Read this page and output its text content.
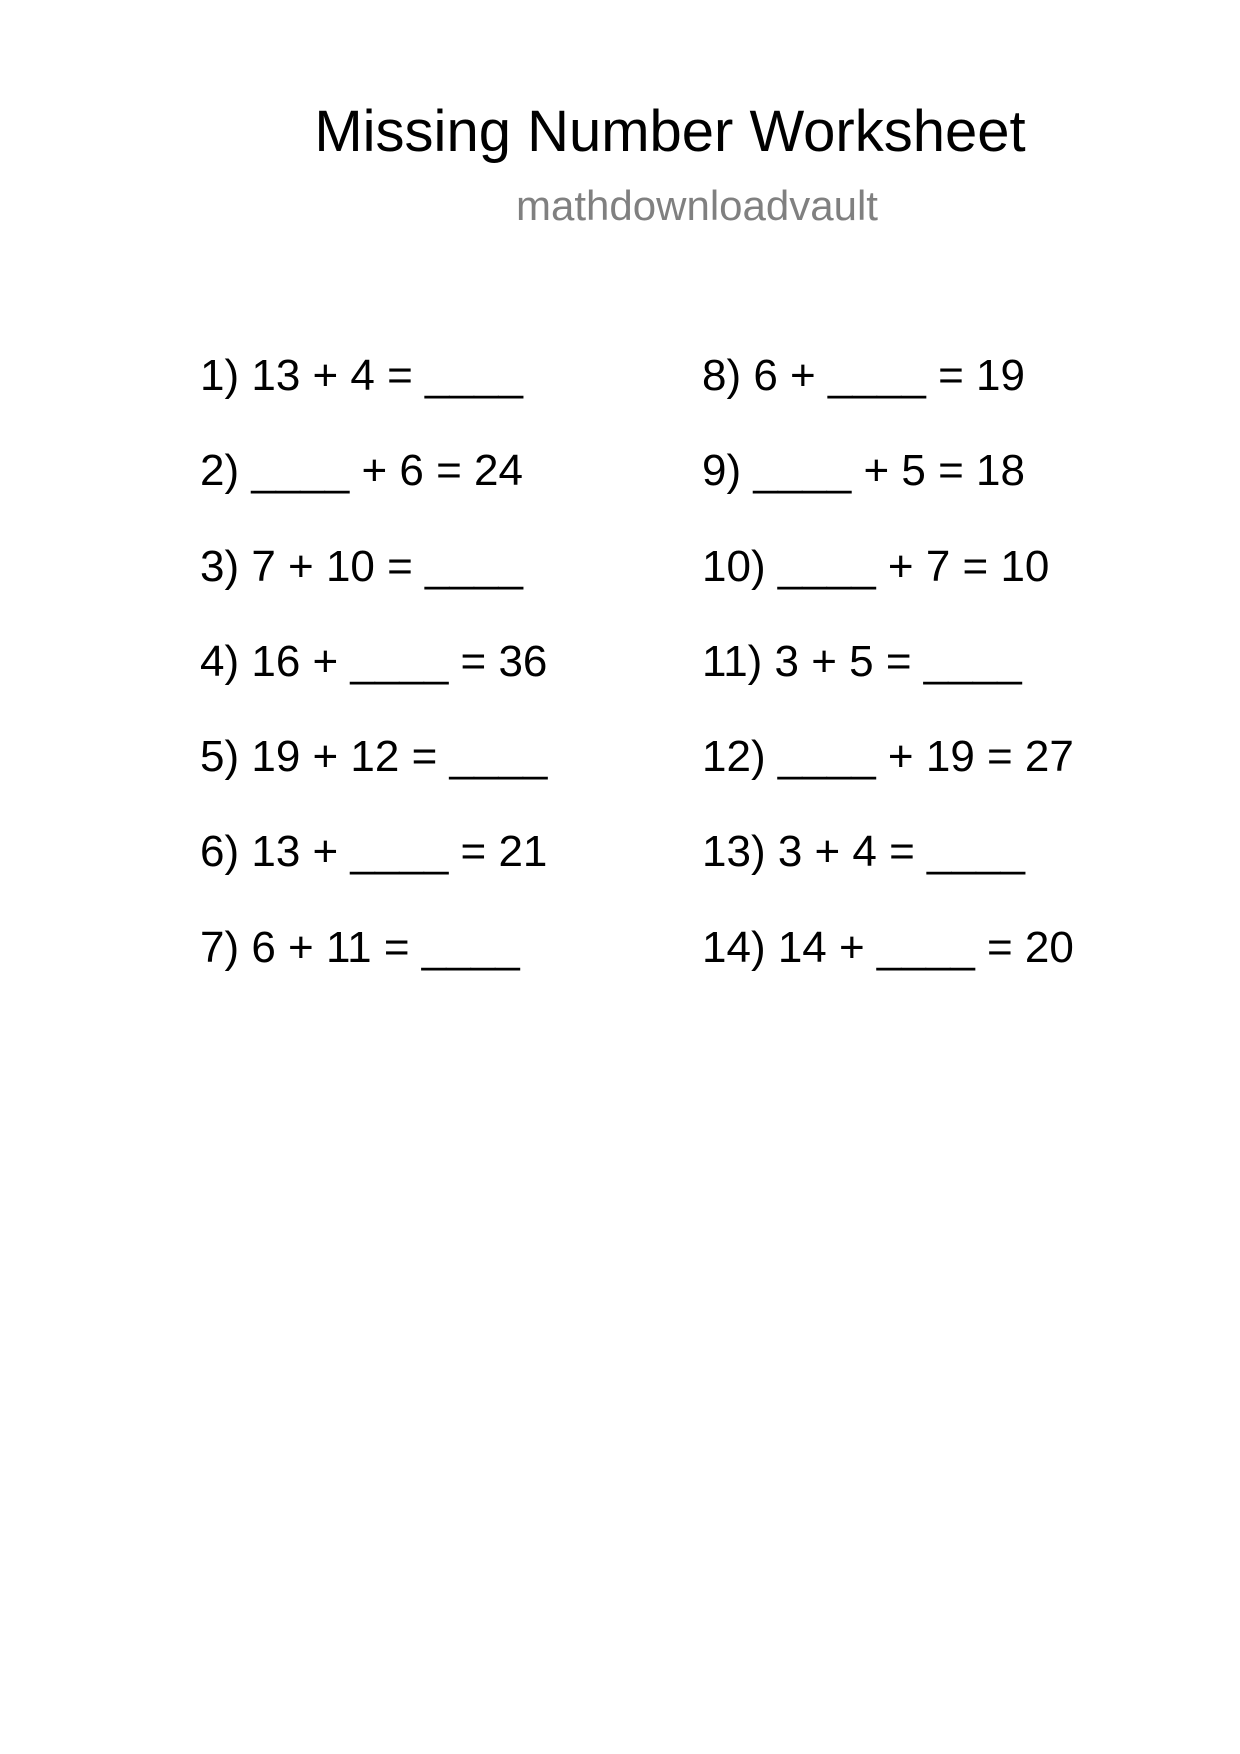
Missing Number Worksheet
mathdownloadvault
1) 13 + 4 = ____
2) ____ + 6 = 24
3) 7 + 10 = ____
4) 16 + ____ = 36
5) 19 + 12 = ____
6) 13 + ____ = 21
7) 6 + 11 = ____
8) 6 + ____ = 19
9) ____ + 5 = 18
10) ____ + 7 = 10
11) 3 + 5 = ____
12) ____ + 19 = 27
13) 3 + 4 = ____
14) 14 + ____ = 20
